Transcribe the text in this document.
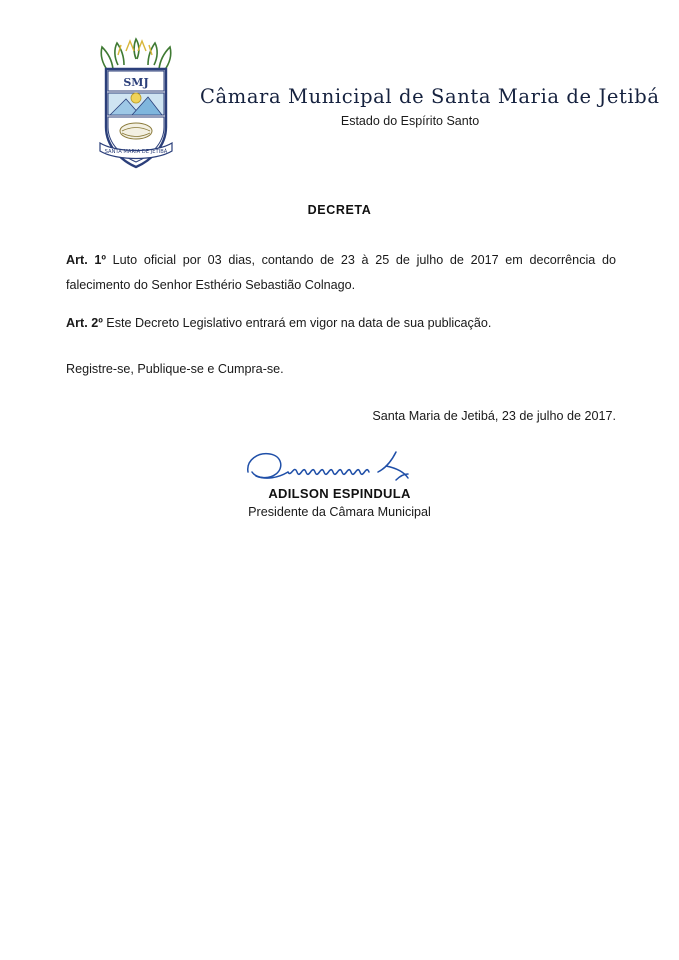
SMJ
SANTA MARIA DE JETIBÁ
Câmara Municipal de Santa Maria de Jetibá
Estado do Espírito Santo
DECRETA

Art. 1º Luto oficial por 03 dias, contando de 23 à 25 de julho de 2017 em decorrência do falecimento do Senhor Esthério Sebastião Colnago.

Art. 2º Este Decreto Legislativo entrará em vigor na data de sua publicação.

Registre-se, Publique-se e Cumpra-se.

Santa Maria de Jetibá, 23 de julho de 2017.
ADILSON ESPINDULA
Presidente da Câmara Municipal
